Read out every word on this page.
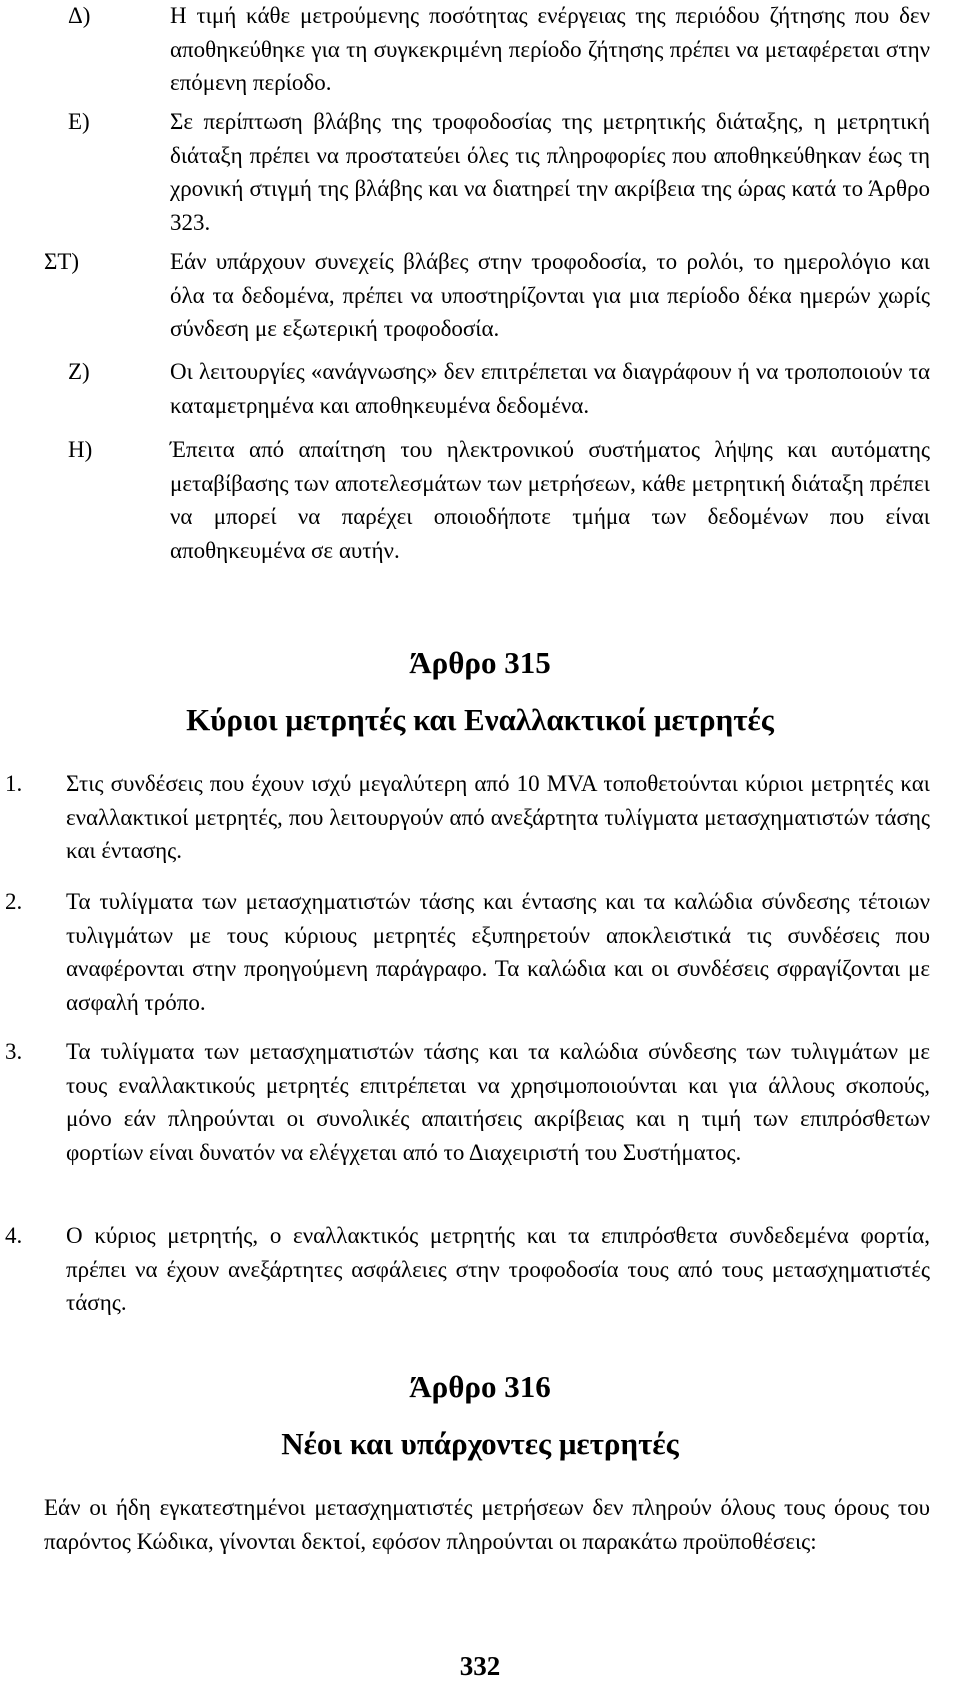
Δ)	Η τιμή κάθε μετρούμενης ποσότητας ενέργειας της περιόδου ζήτησης που δεν αποθηκεύθηκε για τη συγκεκριμένη περίοδο ζήτησης πρέπει να μεταφέρεται στην επόμενη περίοδο.
Ε)	Σε περίπτωση βλάβης της τροφοδοσίας της μετρητικής διάταξης, η μετρητική διάταξη πρέπει να προστατεύει όλες τις πληροφορίες που αποθηκεύθηκαν έως τη χρονική στιγμή της βλάβης και να διατηρεί την ακρίβεια της ώρας κατά το Άρθρο 323.
ΣΤ)	Εάν υπάρχουν συνεχείς βλάβες στην τροφοδοσία, το ρολόι, το ημερολόγιο και όλα τα δεδομένα, πρέπει να υποστηρίζονται για μια περίοδο δέκα ημερών χωρίς σύνδεση με εξωτερική τροφοδοσία.
Ζ)	Οι λειτουργίες «ανάγνωσης» δεν επιτρέπεται να διαγράφουν ή να τροποποιούν τα καταμετρημένα και αποθηκευμένα δεδομένα.
Η)	Έπειτα από απαίτηση του ηλεκτρονικού συστήματος λήψης και αυτόματης μεταβίβασης των αποτελεσμάτων των μετρήσεων, κάθε μετρητική διάταξη πρέπει να μπορεί να παρέχει οποιοδήποτε τμήμα των δεδομένων που είναι αποθηκευμένα σε αυτήν.
Άρθρο 315
Κύριοι μετρητές και Εναλλακτικοί μετρητές
1.	Στις συνδέσεις που έχουν ισχύ μεγαλύτερη από 10 MVA τοποθετούνται κύριοι μετρητές και εναλλακτικοί μετρητές, που λειτουργούν από ανεξάρτητα τυλίγματα μετασχηματιστών τάσης και έντασης.
2.	Τα τυλίγματα των μετασχηματιστών τάσης και έντασης και τα καλώδια σύνδεσης τέτοιων τυλιγμάτων με τους κύριους μετρητές εξυπηρετούν αποκλειστικά τις συνδέσεις που αναφέρονται στην προηγούμενη παράγραφο. Τα καλώδια και οι συνδέσεις σφραγίζονται με ασφαλή τρόπο.
3.	Τα τυλίγματα των μετασχηματιστών τάσης και τα καλώδια σύνδεσης των τυλιγμάτων με τους εναλλακτικούς μετρητές επιτρέπεται να χρησιμοποιούνται και για άλλους σκοπούς, μόνο εάν πληρούνται οι συνολικές απαιτήσεις ακρίβειας και η τιμή των επιπρόσθετων φορτίων είναι δυνατόν να ελέγχεται από το Διαχειριστή του Συστήματος.
4.	Ο κύριος μετρητής, ο εναλλακτικός μετρητής και τα επιπρόσθετα συνδεδεμένα φορτία, πρέπει να έχουν ανεξάρτητες ασφάλειες στην τροφοδοσία τους από τους μετασχηματιστές τάσης.
Άρθρο 316
Νέοι και υπάρχοντες μετρητές
Εάν οι ήδη εγκατεστημένοι μετασχηματιστές μετρήσεων δεν πληρούν όλους τους όρους του παρόντος Κώδικα, γίνονται δεκτοί, εφόσον πληρούνται οι παρακάτω προϋποθέσεις:
332
